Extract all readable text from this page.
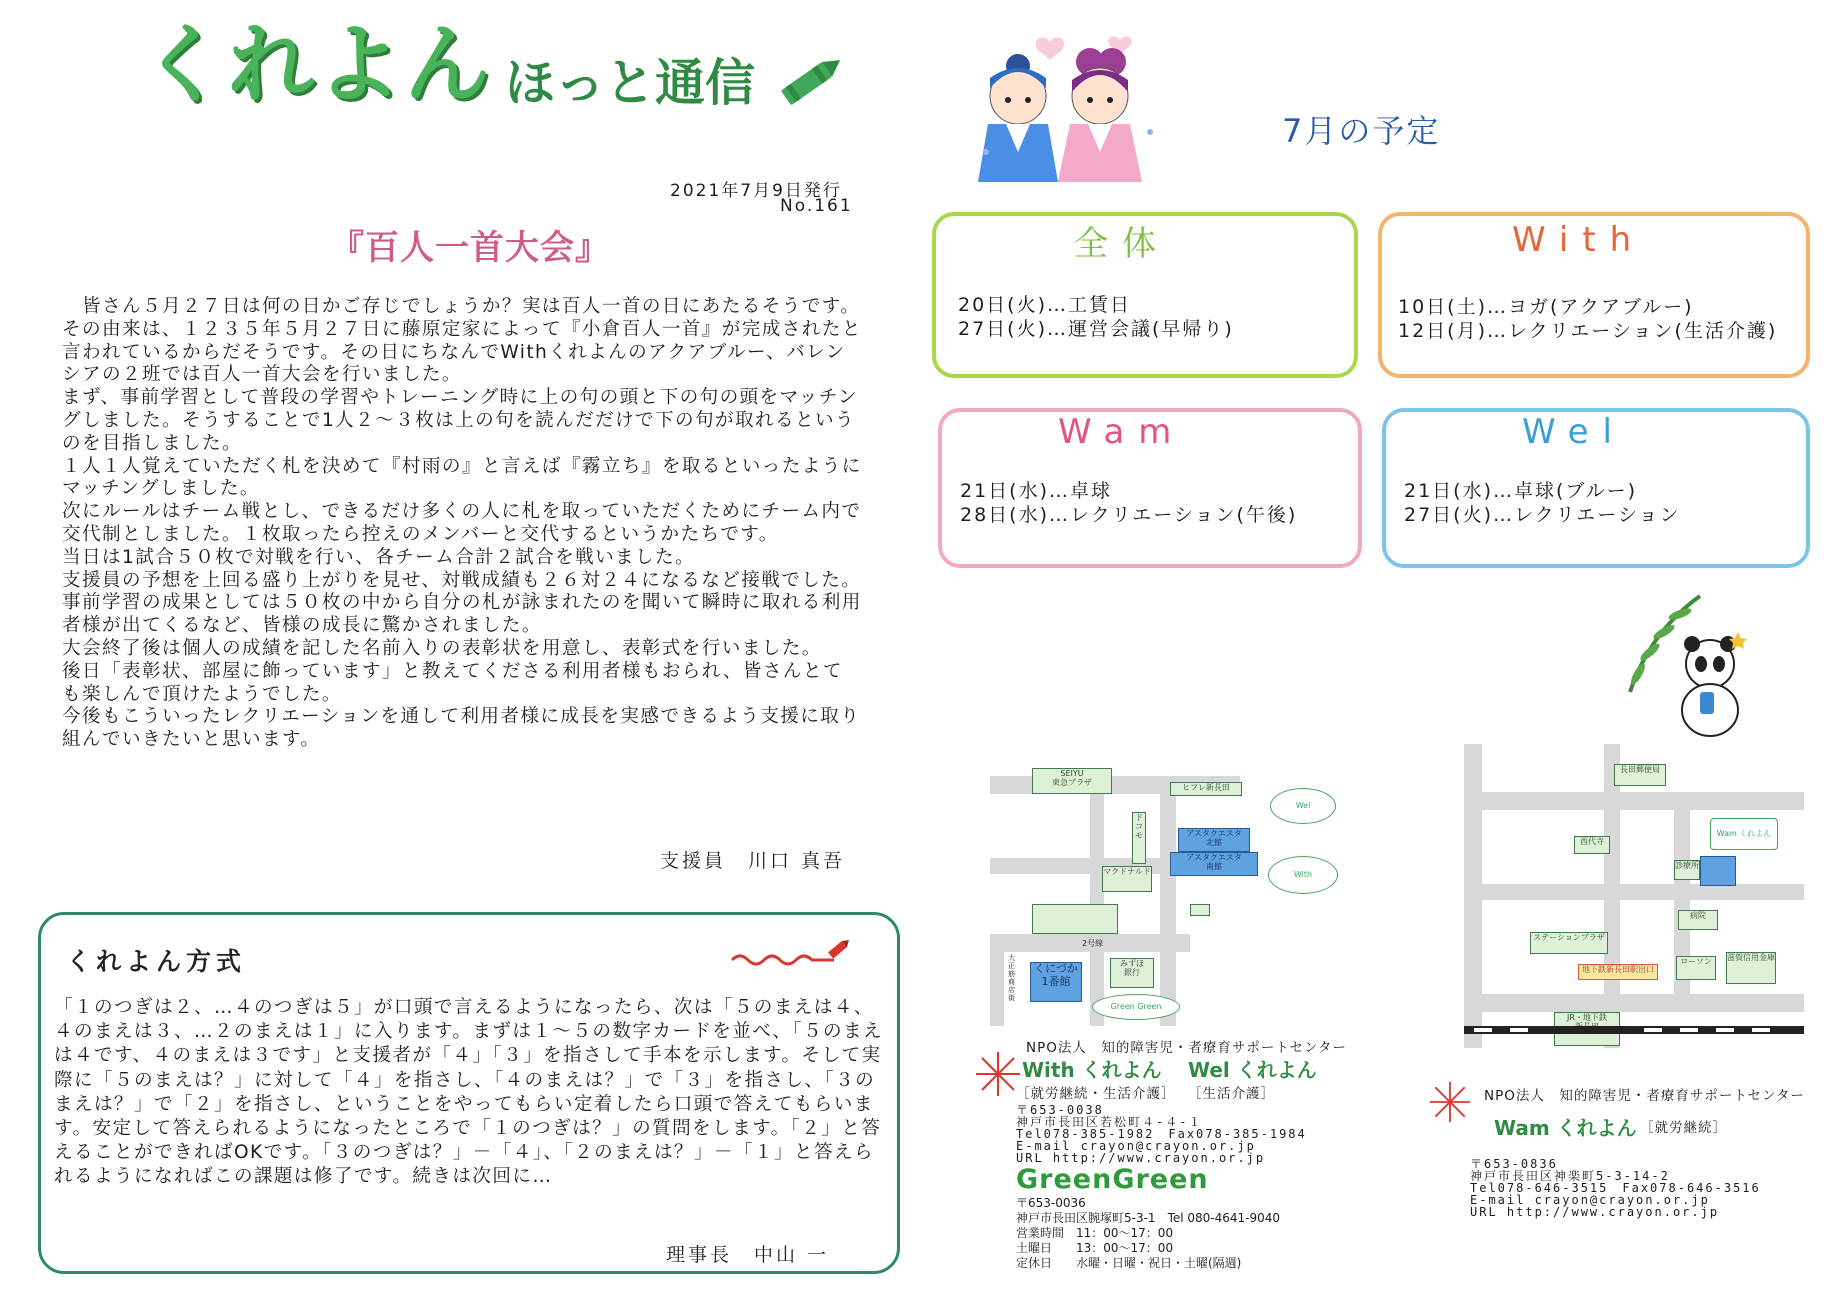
くれよん ほっと通信
2021年7月9日発行
No.161
『百人一首大会』

　皆さん５月２７日は何の日かご存じでしょうか？実は百人一首の日にあたるそうです。その由来は、１２３５年５月２７日に藤原定家によって『小倉百人一首』が完成されたと言われているからだそうです。その日にちなんでWithくれよんのアクアブルー、バレンシアの２班では百人一首大会を行いました。

まず、事前学習として普段の学習やトレーニング時に上の句の頭と下の句の頭をマッチングしました。そうすることで1人２～３枚は上の句を読んだだけで下の句が取れるというのを目指しました。

１人１人覚えていただく札を決めて『村雨の』と言えば『霧立ち』を取るといったようにマッチングしました。

次にルールはチーム戦とし、できるだけ多くの人に札を取っていただくためにチーム内で交代制としました。１枚取ったら控えのメンバーと交代するというかたちです。

当日は1試合５０枚で対戦を行い、各チーム合計２試合を戦いました。

支援員の予想を上回る盛り上がりを見せ、対戦成績も２６対２４になるなど接戦でした。

事前学習の成果としては５０枚の中から自分の札が詠まれたのを聞いて瞬時に取れる利用者様が出てくるなど、皆様の成長に驚かされました。

大会終了後は個人の成績を記した名前入りの表彰状を用意し、表彰式を行いました。

後日「表彰状、部屋に飾っています」と教えてくださる利用者様もおられ、皆さんとても楽しんで頂けたようでした。

今後もこういったレクリエーションを通して利用者様に成長を実感できるよう支援に取り組んでいきたいと思います。

支援員　川口 真吾
くれよん方式
「１のつぎは２、…４のつぎは５」が口頭で言えるようになったら、次は「５のまえは４、４のまえは３、…２のまえは１」に入ります。まずは１～５の数字カードを並べ、「５のまえは４です、４のまえは３です」と支援者が「４」「３」を指さして手本を示します。そして実際に「５のまえは？」に対して「４」を指さし、「４のまえは？」で「３」を指さし、「３のまえは？」で「２」を指さし、ということをやってもらい定着したら口頭で答えてもらいます。安定して答えられるようになったところで「１のつぎは？」の質問をします。「２」と答えることができればOKです。「３のつぎは？」－「４」、「２のまえは？」－「１」と答えられるようになればこの課題は修了です。続きは次回に…
理事長　中山 一
7月の予定
全体
20日(火)…工賃日
27日(火)…運営会議(早帰り)
With
10日(土)…ヨガ(アクアブルー)
12日(月)…レクリエーション(生活介護)
Wam
21日(水)…卓球
28日(水)…レクリエーション(午後)
Wel
21日(水)…卓球(ブルー)
27日(火)…レクリエーション
SEIYU
東急プラザ
ヒフレ新長田
ドコモ	アスタクエスタ
北館
アスタクエスタ
南館
マクドナルド
2号線
みずほ
銀行
くにづか
1番館
大正筋商店街
Wel
With
Green Green
長田郵便局
西代寺
Wam くれよん
診療所
病院
ステーションプラザ
地下鉄新長田駅出口
ローソン	滋賀信用金庫
JR・地下鉄

NPO法人　知的障害児・者療育サポートセンター
With くれよん Wel くれよん
［就労継続・生活介護］ ［生活介護］
〒653-0038
神戸市長田区若松町４-４-１
Tel078-385-1982　Fax078-385-1984
E-mail crayon@crayon.or.jp
URL http://www.crayon.or.jp
GreenGreen
〒653-0036
神戸市長田区腕塚町5-3-1　Tel 080-4641-9040
営業時間　11：00～17：00
土曜日　　13：00～17：00
定休日　　水曜・日曜・祝日・土曜(隔週)
NPO法人　知的障害児・者療育サポートセンター
Wam くれよん ［就労継続］
〒653-0836
神戸市長田区神楽町5-3-14-2
Tel078-646-3515　Fax078-646-3516
E-mail crayon@crayon.or.jp
URL http://www.crayon.or.jp
